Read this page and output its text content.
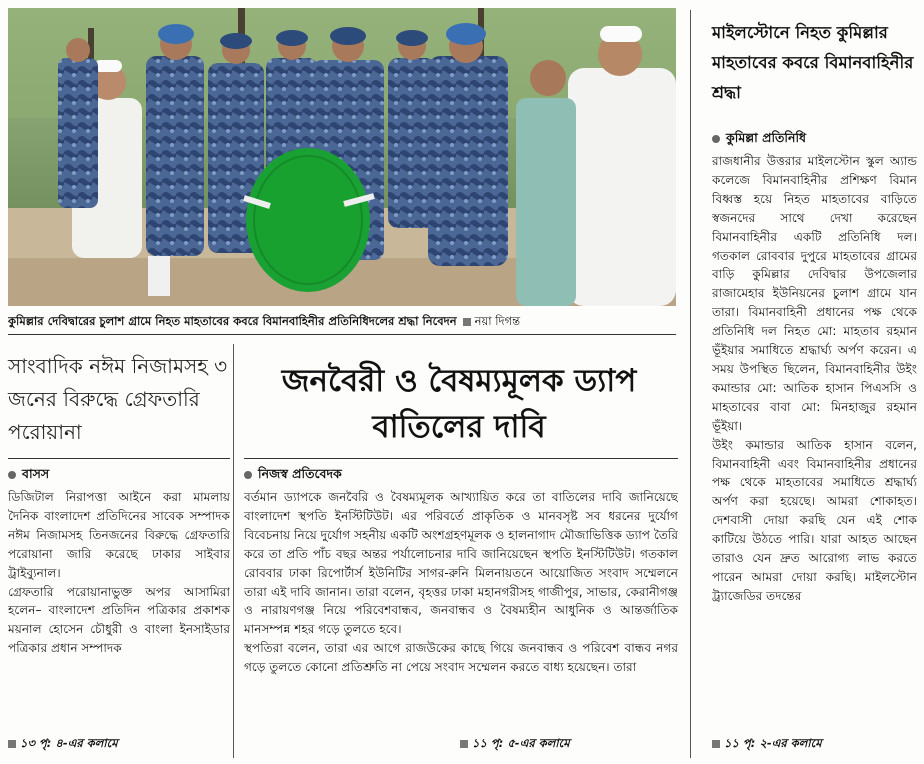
কুমিল্লার দেবিদ্বারের চুলাশ গ্রামে নিহত মাহতাবের কবরে বিমানবাহিনীর প্রতিনিধিদলের শ্রদ্ধা নিবেদন নয়া দিগন্ত
মাইলস্টোনে নিহত কুমিল্লার মাহতাবের কবরে বিমানবাহিনীর শ্রদ্ধা
কুমিল্লা প্রতিনিধি
রাজধানীর উত্তরার মাইলস্টোন স্কুল অ্যান্ড কলেজে বিমানবাহিনীর প্রশিক্ষণ বিমান বিধ্বস্ত হয়ে নিহত মাহতাবের বাড়িতে স্বজনদের সাথে দেখা করেছেন বিমানবাহিনীর একটি প্রতিনিধি দল। গতকাল রোববার দুপুরে মাহতাবের গ্রামের বাড়ি কুমিল্লার দেবিদ্বার উপজেলার রাজামেহার ইউনিয়নের চুলাশ গ্রামে যান তারা। বিমানবাহিনী প্রধানের পক্ষ থেকে প্রতিনিধি দল নিহত মো: মাহতাব রহমান ভূঁইয়ার সমাধিতে শ্রদ্ধার্ঘ্য অর্পণ করেন। এ সময় উপস্থিত ছিলেন, বিমানবাহিনীর উইং কমান্ডার মো: আতিক হাসান পিএসসি ও মাহতাবের বাবা মো: মিনহাজুর রহমান ভূঁইয়া।
উইং কমান্ডার আতিক হাসান বলেন, বিমানবাহিনী এবং বিমানবাহিনীর প্রধানের পক্ষ থেকে মাহতাবের সমাধিতে শ্রদ্ধার্ঘ্য অর্পণ করা হয়েছে। আমরা শোকাহত। দেশবাসী দোয়া করছি যেন এই শোক কাটিয়ে উঠতে পারি। যারা আহত আছেন তারাও যেন দ্রুত আরোগ্য লাভ করতে পারেন আমরা দোয়া করছি। মাইলস্টোন ট্র্যাজেডির তদন্তের
১১ পৃ: ২-এর কলামে
সাংবাদিক নঈম নিজামসহ ৩ জনের বিরুদ্ধে গ্রেফতারি পরোয়ানা
বাসস
ডিজিটাল নিরাপত্তা আইনে করা মামলায় দৈনিক বাংলাদেশ প্রতিদিনের সাবেক সম্পাদক নঈম নিজামসহ তিনজনের বিরুদ্ধে গ্রেফতারি পরোয়ানা জারি করেছে ঢাকার সাইবার ট্রাইব্যুনাল।
গ্রেফতারি পরোয়ানাভুক্ত অপর আসামিরা হলেন– বাংলাদেশ প্রতিদিন পত্রিকার প্রকাশক ময়নাল হোসেন চৌধুরী ও বাংলা ইনসাইডার পত্রিকার প্রধান সম্পাদক
১৩ পৃ: ৪-এর কলামে
জনবৈরী ও বৈষম্যমূলক ড্যাপ বাতিলের দাবি
নিজস্ব প্রতিবেদক
বর্তমান ড্যাপকে জনবৈরি ও বৈষম্যমূলক আখ্যায়িত করে তা বাতিলের দাবি জানিয়েছে বাংলাদেশ স্থপতি ইনস্টিটিউট। এর পরিবর্তে প্রাকৃতিক ও মানবসৃষ্ট সব ধরনের দুর্যোগ বিবেচনায় নিয়ে দুর্যোগ সহনীয় একটি অংশগ্রহণমূলক ও হালনাগাদ মৌজাভিত্তিক ড্যাপ তৈরি করে তা প্রতি পাঁচ বছর অন্তর পর্যালোচনার দাবি জানিয়েছেন স্থপতি ইনস্টিটিউট। গতকাল রোববার ঢাকা রিপোর্টার্স ইউনিটির সাগর-রুনি মিলনায়তনে আয়োজিত সংবাদ সম্মেলনে তারা এই দাবি জানান। তারা বলেন, বৃহত্তর ঢাকা মহানগরীসহ গাজীপুর, সাভার, কেরানীগঞ্জ ও নারায়ণগঞ্জ নিয়ে পরিবেশবান্ধব, জনবান্ধব ও বৈষম্যহীন আধুনিক ও আন্তর্জাতিক মানসম্পন্ন শহর গড়ে তুলতে হবে।
স্থপতিরা বলেন, তারা এর আগে রাজউকের কাছে গিয়ে জনবান্ধব ও পরিবেশ বান্ধব নগর গড়ে তুলতে কোনো প্রতিশ্রুতি না পেয়ে সংবাদ সম্মেলন করতে বাধ্য হয়েছেন। তারা
১১ পৃ: ৫-এর কলামে
